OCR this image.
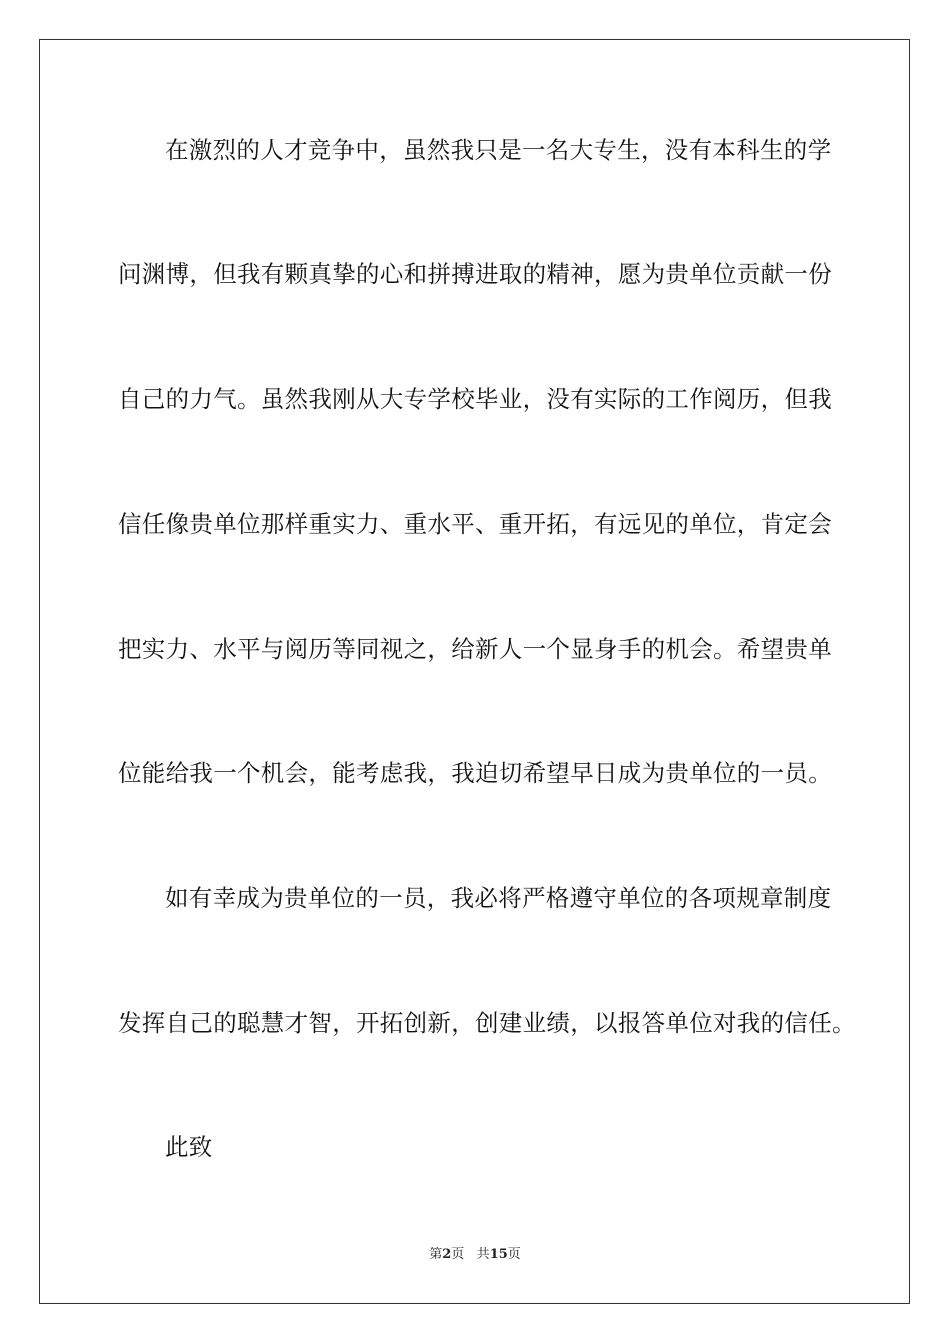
在激烈的人才竞争中，虽然我只是一名大专生，没有本科生的学
问渊博，但我有颗真挚的心和拼搏进取的精神，愿为贵单位贡献一份
自己的力气。虽然我刚从大专学校毕业，没有实际的工作阅历，但我
信任像贵单位那样重实力、重水平、重开拓，有远见的单位，肯定会
把实力、水平与阅历等同视之，给新人一个显身手的机会。希望贵单
位能给我一个机会，能考虑我，我迫切希望早日成为贵单位的一员。
如有幸成为贵单位的一员，我必将严格遵守单位的各项规章制度
发挥自己的聪慧才智，开拓创新，创建业绩，以报答单位对我的信任。
此致
第2页 共15页
